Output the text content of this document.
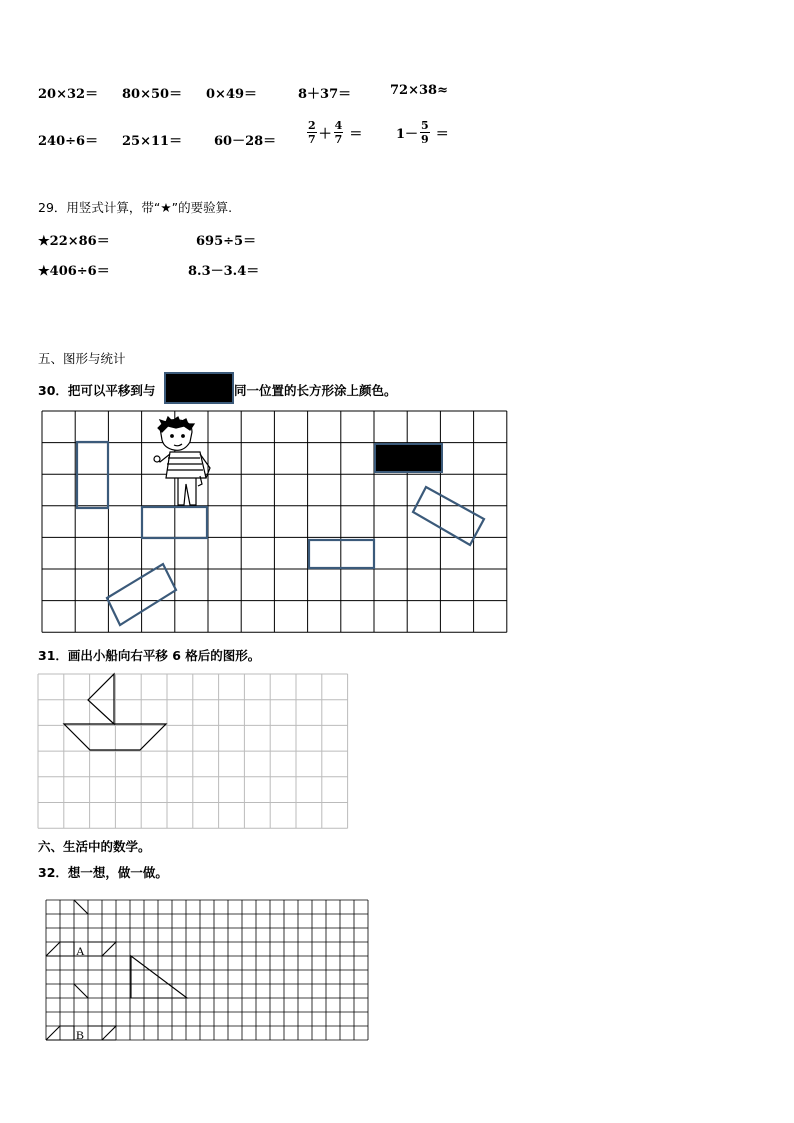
20×32＝ 80×50＝ 0×49＝	8＋37＝	72×38≈
240÷6＝ 25×11＝ 60－28＝	$\frac{2}{7} + \frac{4}{7}$ ＝	$1- \frac{5}{9}$ ＝
29．用竖式计算，带“★”的要验算.
★22×86＝	695÷5＝
★406÷6＝	8.3－3.4＝
五、图形与统计
30．把可以平移到与	同一位置的长方形涂上颜色。
31．画出小船向右平移 6 格后的图形。
六、生活中的数学。
32．想一想，做一做。
A
B
